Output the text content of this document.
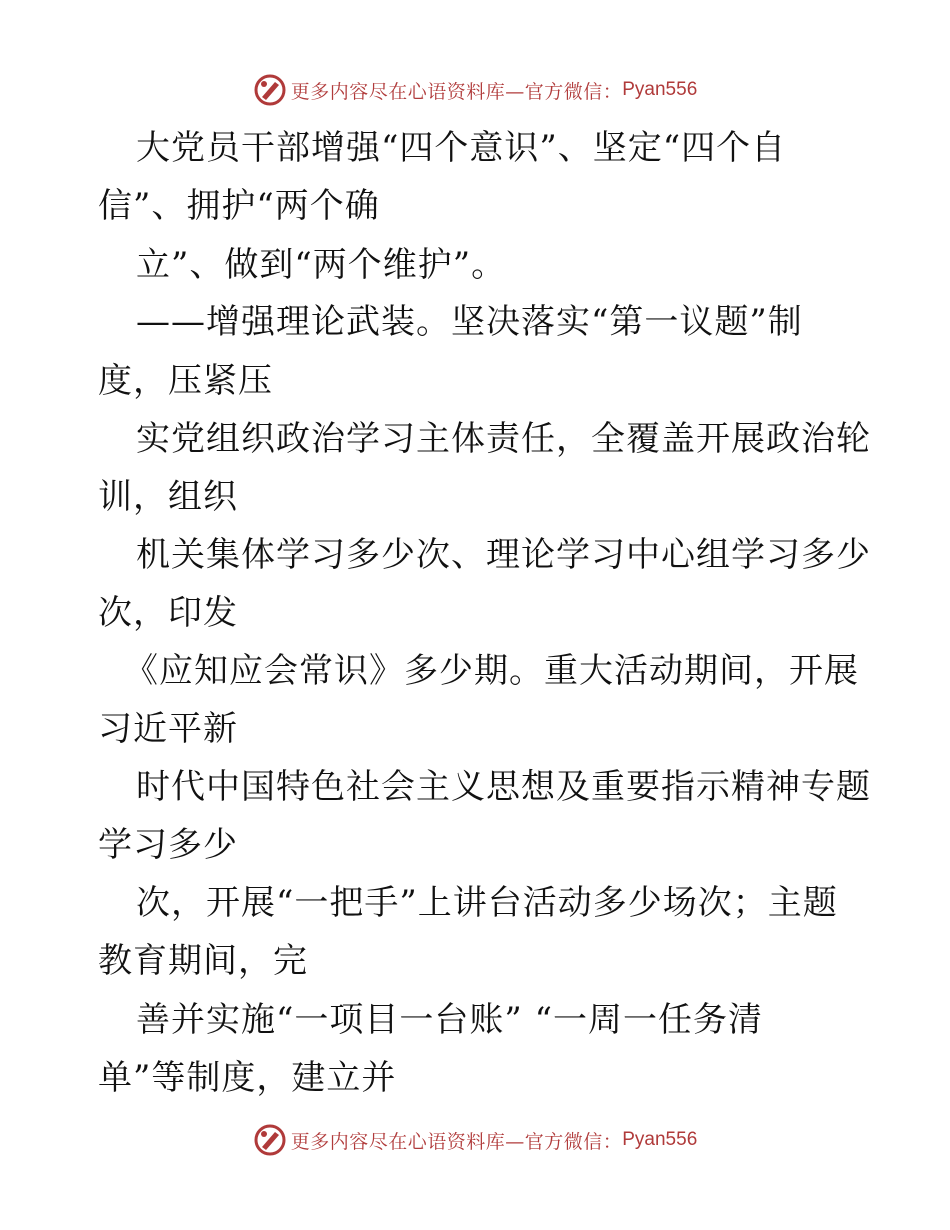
更多内容尽在心语资料库—官方微信： Pyan556
大党员干部增强“四个意识”、坚定“四个自
信”、拥护“两个确
立”、做到“两个维护”。
——增强理论武装。坚决落实“第一议题”制
度，压紧压
实党组织政治学习主体责任，全覆盖开展政治轮
训，组织
机关集体学习多少次、理论学习中心组学习多少
次，印发
《应知应会常识》多少期。重大活动期间，开展
习近平新
时代中国特色社会主义思想及重要指示精神专题
学习多少
次，开展“一把手”上讲台活动多少场次；主题
教育期间，完
善并实施“一项目一台账” “一周一任务清
单”等制度，建立并
更多内容尽在心语资料库—官方微信： Pyan556
